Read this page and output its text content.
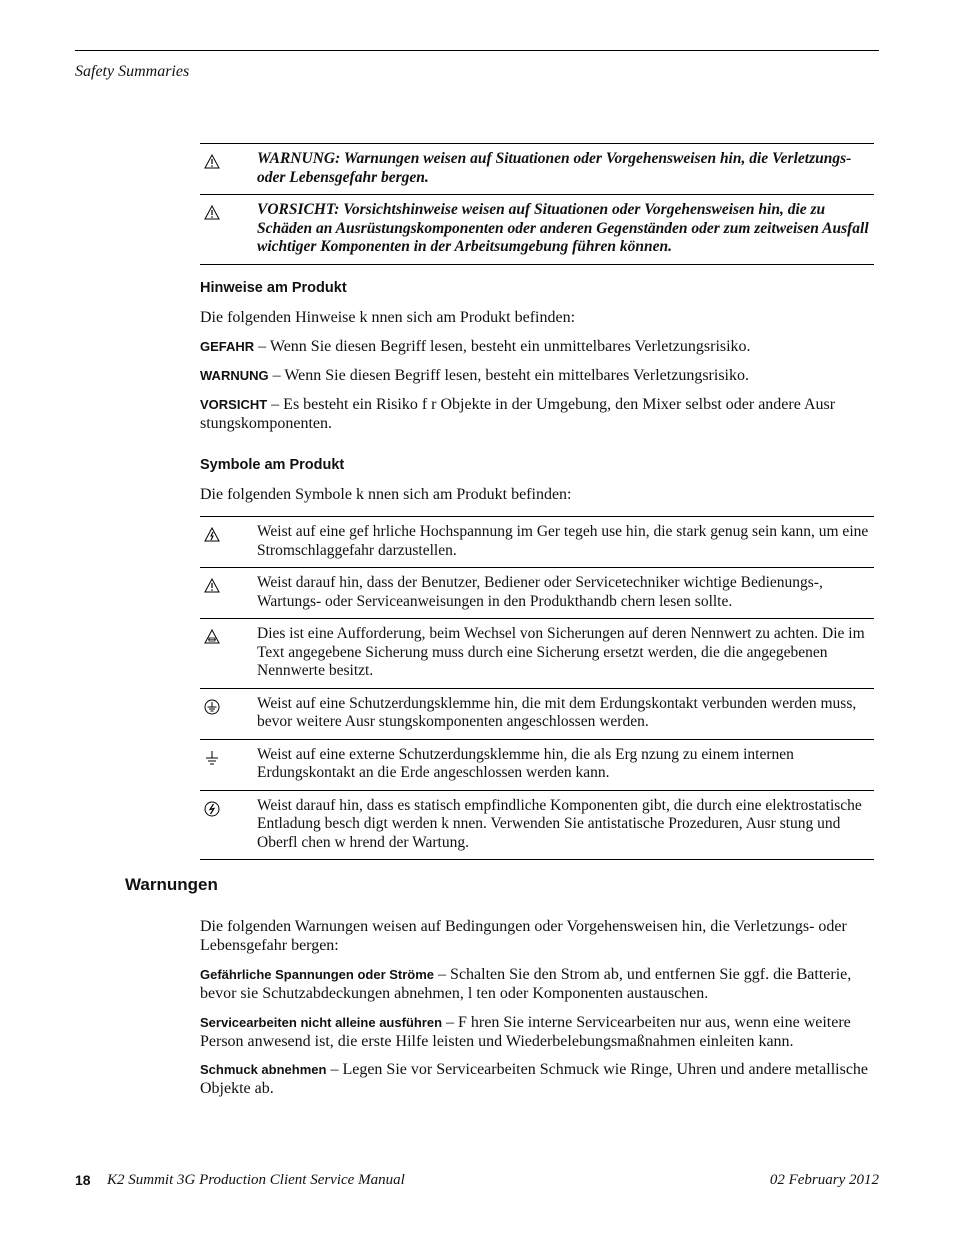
Safety Summaries
WARNUNG: Warnungen weisen auf Situationen oder Vorgehensweisen hin, die Verletzungs- oder Lebensgefahr bergen.
VORSICHT: Vorsichtshinweise weisen auf Situationen oder Vorgehensweisen hin, die zu Schäden an Ausrüstungskomponenten oder anderen Gegenständen oder zum zeitweisen Ausfall wichtiger Komponenten in der Arbeitsumgebung führen können.
Hinweise am Produkt
Die folgenden Hinweise k nnen sich am Produkt befinden:
GEFAHR – Wenn Sie diesen Begriff lesen, besteht ein unmittelbares Verletzungsrisiko.
WARNUNG – Wenn Sie diesen Begriff lesen, besteht ein mittelbares Verletzungsrisiko.
VORSICHT – Es besteht ein Risiko f r Objekte in der Umgebung, den Mixer selbst oder andere Ausr stungskomponenten.
Symbole am Produkt
Die folgenden Symbole k nnen sich am Produkt befinden:
Weist auf eine gef hrliche Hochspannung im Ger tegeh use hin, die stark genug sein kann, um eine Stromschlaggefahr darzustellen.
Weist darauf hin, dass der Benutzer, Bediener oder Servicetechniker wichtige Bedienungs-, Wartungs- oder Serviceanweisungen in den Produkthandb chern lesen sollte.
Dies ist eine Aufforderung, beim Wechsel von Sicherungen auf deren Nennwert zu achten. Die im Text angegebene Sicherung muss durch eine Sicherung ersetzt werden, die die angegebenen Nennwerte besitzt.
Weist auf eine Schutzerdungsklemme hin, die mit dem Erdungskontakt verbunden werden muss, bevor weitere Ausr stungskomponenten angeschlossen werden.
Weist auf eine externe Schutzerdungsklemme hin, die als Erg nzung zu einem internen Erdungskontakt an die Erde angeschlossen werden kann.
Weist darauf hin, dass es statisch empfindliche Komponenten gibt, die durch eine elektrostatische Entladung besch digt werden k nnen. Verwenden Sie antistatische Prozeduren, Ausr stung und Oberfl chen w hrend der Wartung.
Warnungen
Die folgenden Warnungen weisen auf Bedingungen oder Vorgehensweisen hin, die Verletzungs- oder Lebensgefahr bergen:
Gefährliche Spannungen oder Ströme – Schalten Sie den Strom ab, und entfernen Sie ggf. die Batterie, bevor sie Schutzabdeckungen abnehmen, l ten oder Komponenten austauschen.
Servicearbeiten nicht alleine ausführen – F hren Sie interne Servicearbeiten nur aus, wenn eine weitere Person anwesend ist, die erste Hilfe leisten und Wiederbelebungsmaßnahmen einleiten kann.
Schmuck abnehmen – Legen Sie vor Servicearbeiten Schmuck wie Ringe, Uhren und andere metallische Objekte ab.
18 K2 Summit 3G Production Client Service Manual	02 February 2012
